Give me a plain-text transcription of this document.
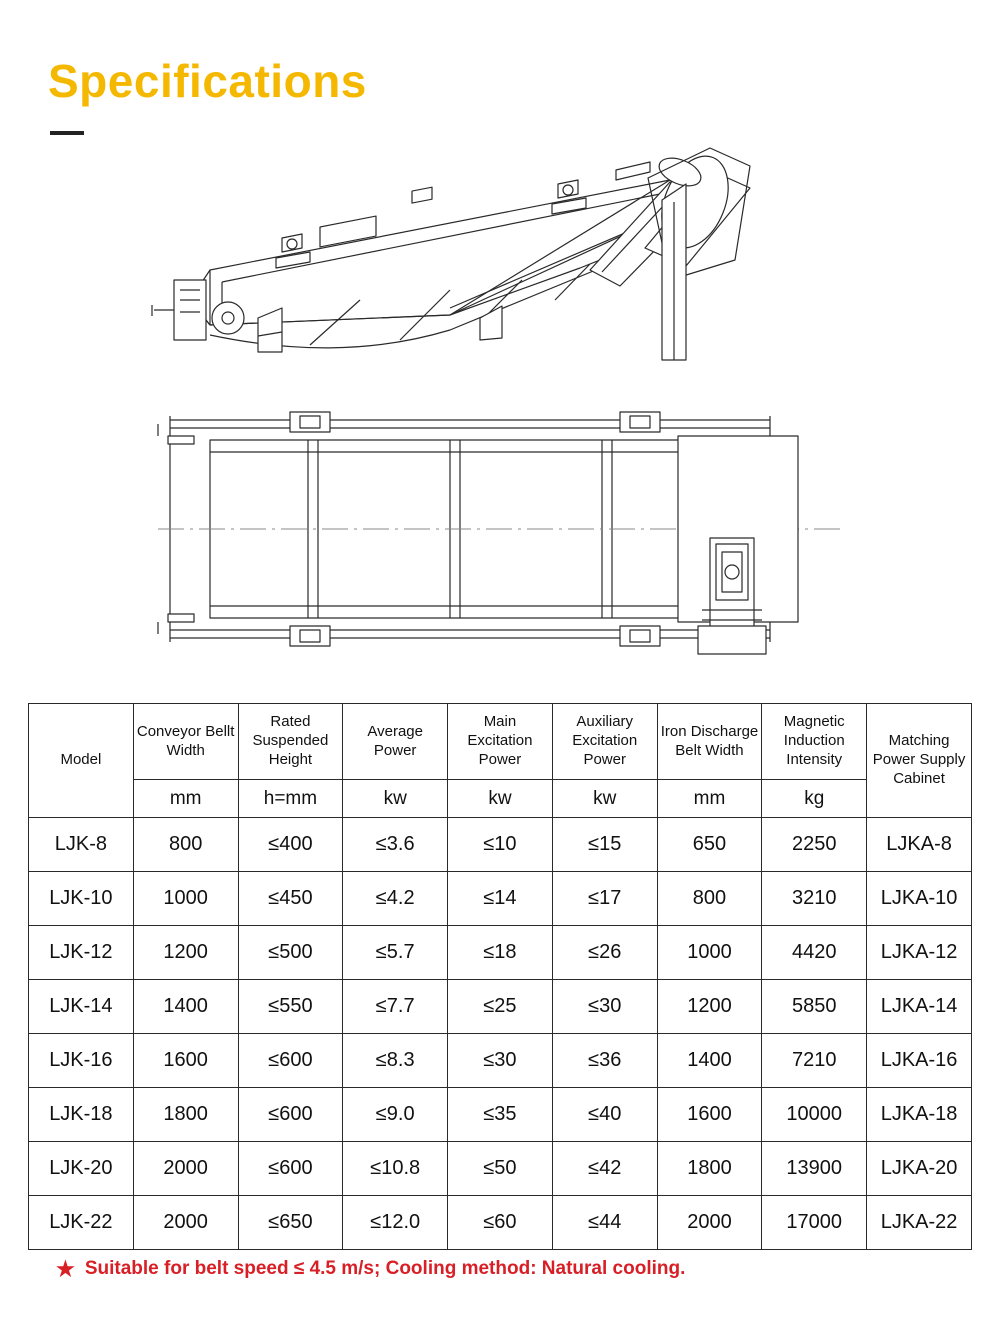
Specifications
Model	Conveyor Bellt Width	Rated Suspended Height	Average Power	Main Excitation Power	Auxiliary Excitation Power	Iron Discharge Belt Width	Magnetic Induction Intensity	Matching Power Supply Cabinet
	mm	h=mm	kw	kw	kw	mm	kg	
LJK-8	800	≤400	≤3.6	≤10	≤15	650	2250	LJKA-8
LJK-10	1000	≤450	≤4.2	≤14	≤17	800	3210	LJKA-10
LJK-12	1200	≤500	≤5.7	≤18	≤26	1000	4420	LJKA-12
LJK-14	1400	≤550	≤7.7	≤25	≤30	1200	5850	LJKA-14
LJK-16	1600	≤600	≤8.3	≤30	≤36	1400	7210	LJKA-16
LJK-18	1800	≤600	≤9.0	≤35	≤40	1600	10000	LJKA-18
LJK-20	2000	≤600	≤10.8	≤50	≤42	1800	13900	LJKA-20
LJK-22	2000	≤650	≤12.0	≤60	≤44	2000	17000	LJKA-22
★ Suitable for belt speed ≤ 4.5 m/s; Cooling method: Natural cooling.
